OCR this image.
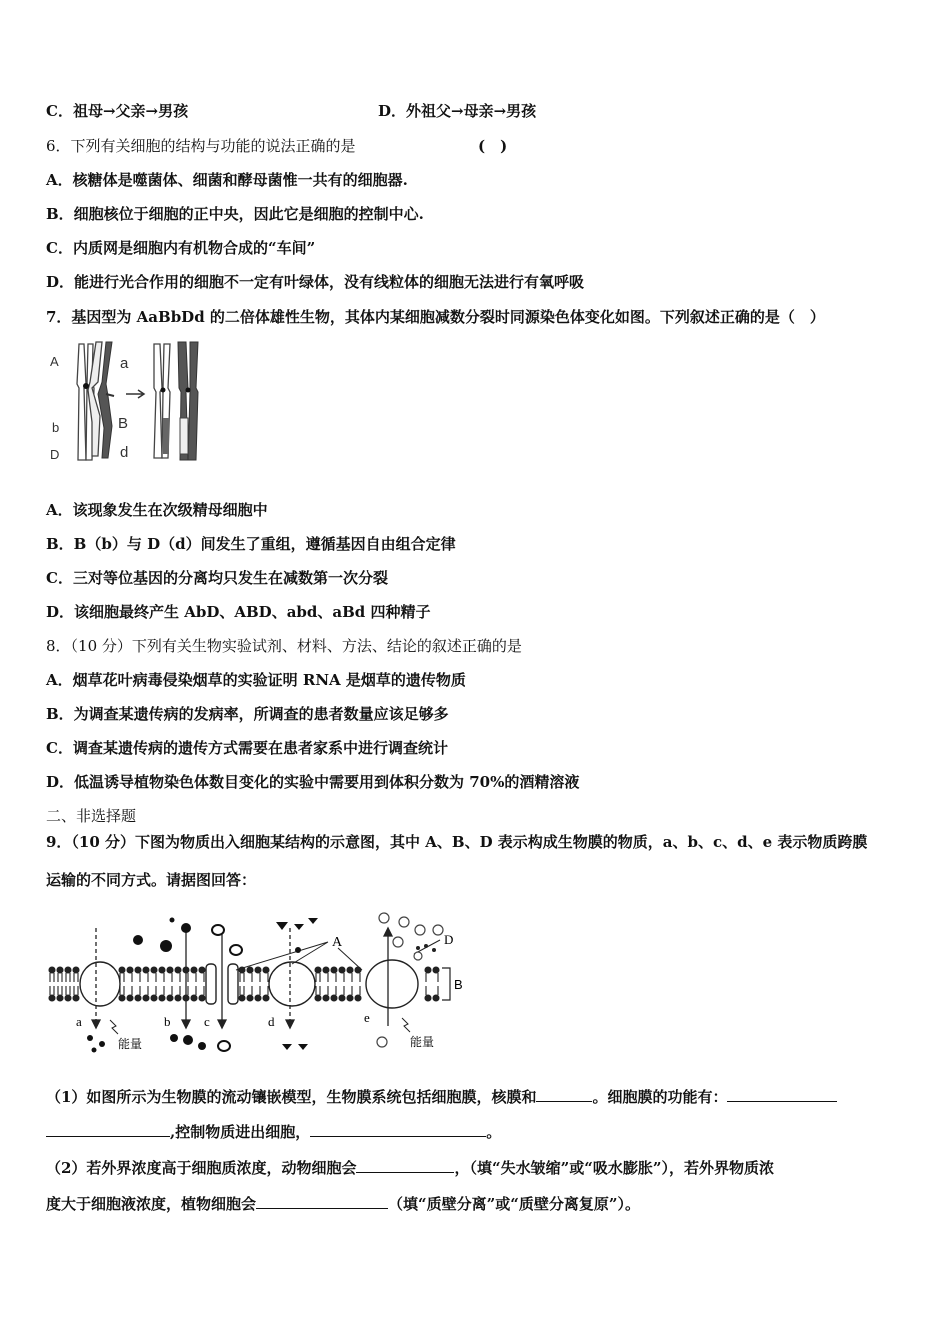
C．祖母→父亲→男孩	D．外祖父→母亲→男孩
6．下列有关细胞的结构与功能的说法正确的是	(　)
A．核糖体是噬菌体、细菌和酵母菌惟一共有的细胞器.
B．细胞核位于细胞的正中央，因此它是细胞的控制中心.
C．内质网是细胞内有机物合成的“车间”
D．能进行光合作用的细胞不一定有叶绿体，没有线粒体的细胞无法进行有氧呼吸
7．基因型为 AaBbDd 的二倍体雄性生物，其体内某细胞减数分裂时同源染色体变化如图。下列叙述正确的是（　）
A	a
B
b
D	d
A．该现象发生在次级精母细胞中
B．B（b）与 D（d）间发生了重组，遵循基因自由组合定律
C．三对等位基因的分离均只发生在减数第一次分裂
D．该细胞最终产生 AbD、ABD、abd、aBd 四种精子
8．（10 分）下列有关生物实验试剂、材料、方法、结论的叙述正确的是
A．烟草花叶病毒侵染烟草的实验证明 RNA 是烟草的遗传物质
B．为调查某遗传病的发病率，所调查的患者数量应该足够多
C．调查某遗传病的遗传方式需要在患者家系中进行调查统计
D．低温诱导植物染色体数目变化的实验中需要用到体积分数为 70%的酒精溶液
二、非选择题
9．（10 分）下图为物质出入细胞某结构的示意图，其中 A、B、D 表示构成生物膜的物质，a、b、c、d、e 表示物质跨膜
运输的不同方式。请据图回答：
B
A	D
a	b	c	d	e
能量	能量
（1）如图所示为生物膜的流动镶嵌模型，生物膜系统包括细胞膜，核膜和	。细胞膜的功能有：
,控制物质进出细胞，	。
（2）若外界浓度高于细胞质浓度，动物细胞会	，（填“失水皱缩”或“吸水膨胀”），若外界物质浓
度大于细胞液浓度，植物细胞会	（填“质壁分离”或“质壁分离复原”）。
